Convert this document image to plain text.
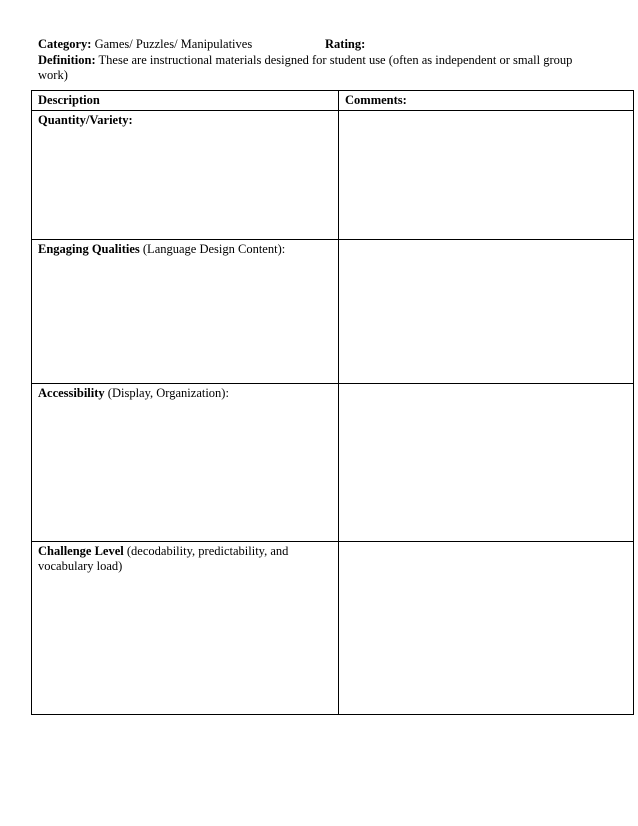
Category: Games/ Puzzles/ Manipulatives	Rating:
Definition: These are instructional materials designed for student use (often as independent or small group work)
Description	Comments:
Quantity/Variety:	
Engaging Qualities (Language Design Content):	
Accessibility (Display, Organization):	
Challenge Level (decodability, predictability, and vocabulary load)	
